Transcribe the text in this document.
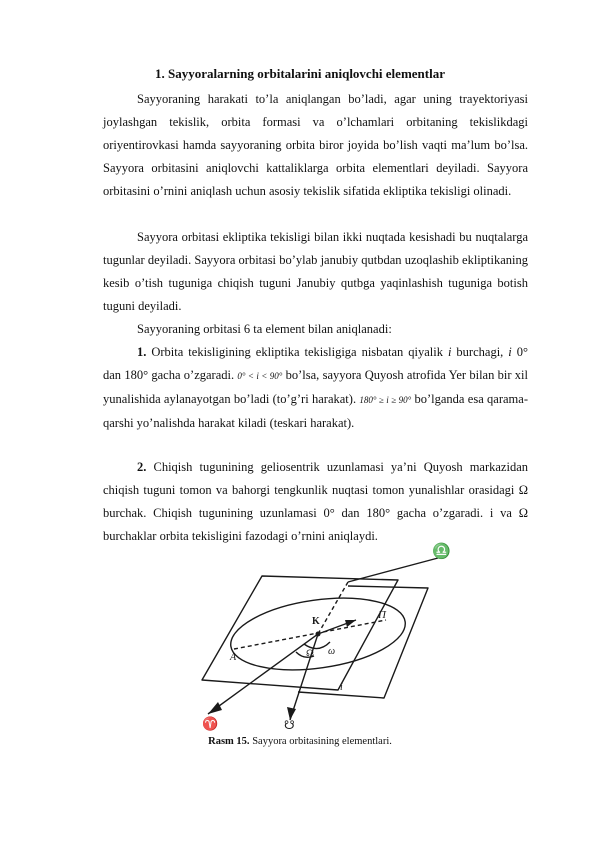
1. Sayyoralarning orbitalarini aniqlovchi elementlar

Sayyoraning harakati to’la aniqlangan bo’ladi, agar uning trayektoriyasi joylashgan tekislik, orbita formasi va o’lchamlari orbitaning tekislikdagi oriyentirovkasi hamda sayyoraning orbita biror joyida bo’lish vaqti ma’lum bo’lsa. Sayyora orbitasini aniqlovchi kattaliklarga orbita elementlari deyiladi. Sayyora orbitasini o’rnini aniqlash uchun asosiy tekislik sifatida ekliptika tekisligi olinadi.

Sayyora orbitasi ekliptika tekisligi bilan ikki nuqtada kesishadi bu nuqtalarga tugunlar deyiladi. Sayyora orbitasi bo’ylab janubiy qutbdan uzoqlashib ekliptikaning kesib o’tish tuguniga chiqish tuguni Janubiy qutbga yaqinlashish tuguniga botish tuguni deyiladi.

Sayyoraning orbitasi 6 ta element bilan aniqlanadi:

1. Orbita tekisligining ekliptika tekisligiga nisbatan qiyalik i burchagi, i 0° dan 180° gacha o’zgaradi. 0° < i < 90° bo’lsa, sayyora Quyosh atrofida Yer bilan bir xil yunalishida aylanayotgan bo’ladi (to’g’ri harakat). 180° ≥ i ≥ 90° bo’lganda esa qarama-qarshi yo’nalishda harakat kiladi (teskari harakat).

2. Chiqish tugunining geliosentrik uzunlamasi ya’ni Quyosh markazidan chiqish tuguni tomon va bahorgi tengkunlik nuqtasi tomon yunalishlar orasidagi Ω burchak. Chiqish tugunining uzunlamasi 0° dan 180° gacha o’zgaradi. i va Ω burchaklar orbita tekisligini fazodagi o’rnini aniqlaydi.

♎
K
Π
A
ω
☊
i
♈	☋
Rasm 15. Sayyora orbitasining elementlari.
